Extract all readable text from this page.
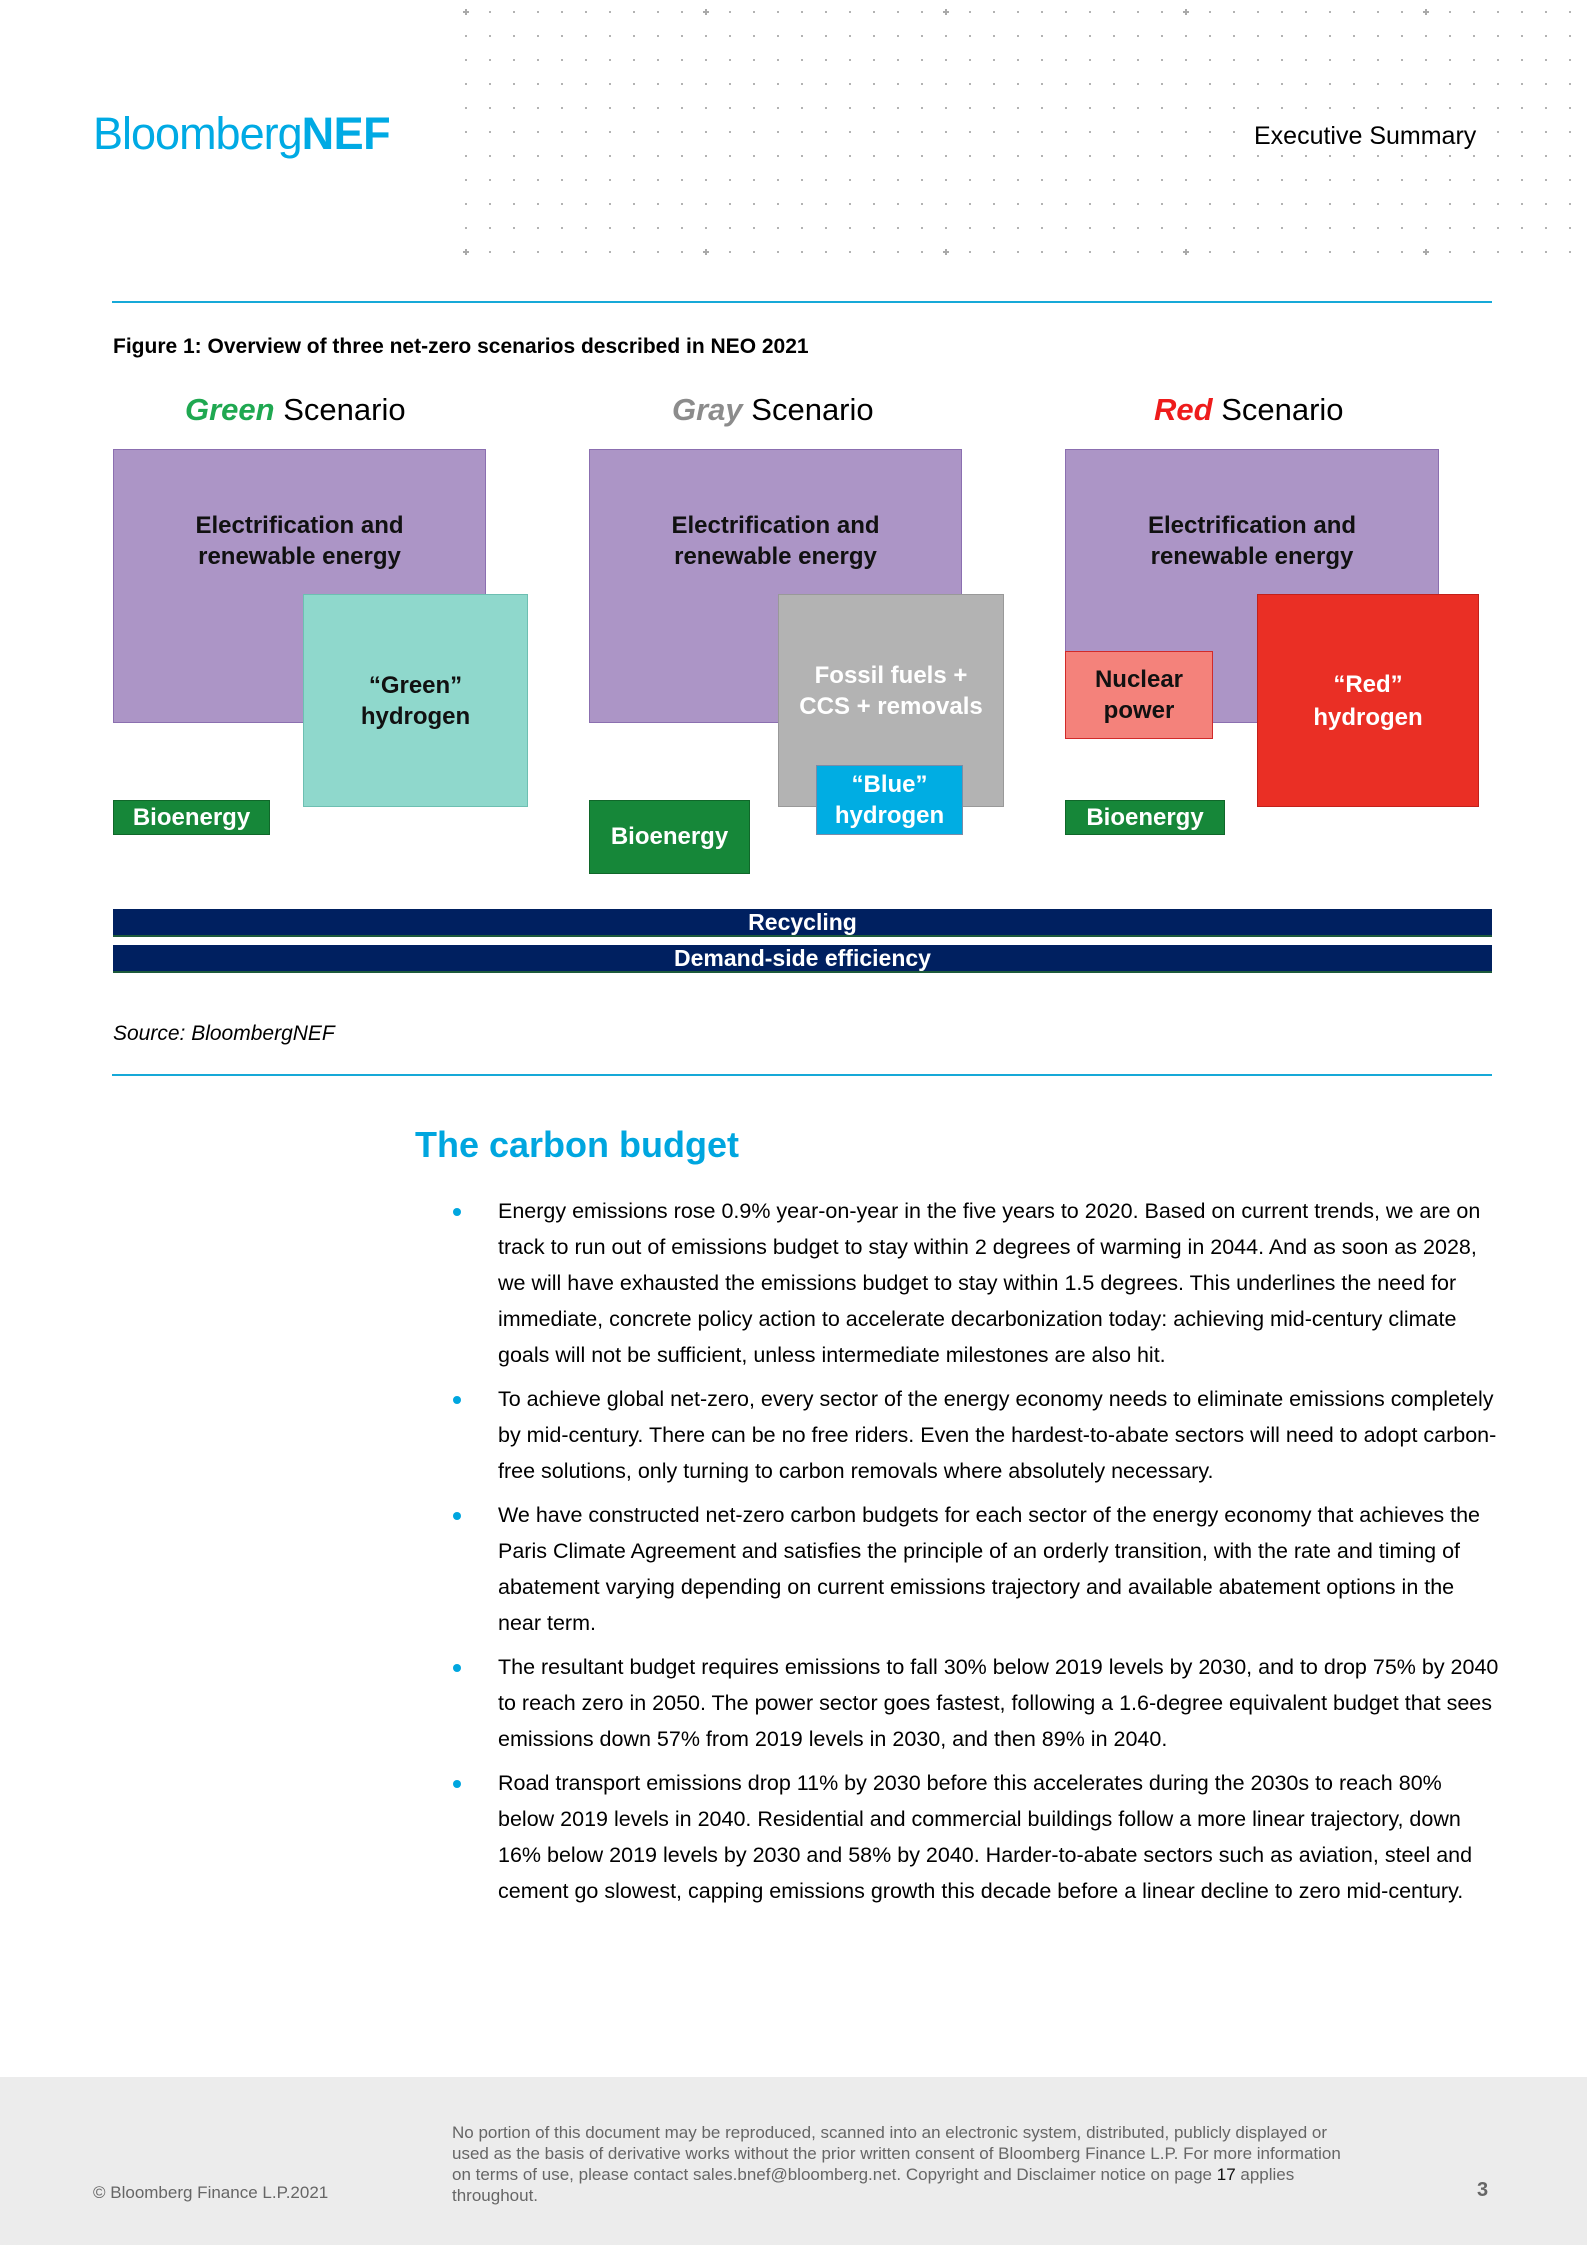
BloombergNEF	Executive Summary
Figure 1: Overview of three net-zero scenarios described in NEO 2021
Green Scenario	Gray Scenario	Red Scenario
Electrification and renewable energy
“Green” hydrogen
Bioenergy
Electrification and renewable energy
Fossil fuels + CCS + removals
“Blue” hydrogen
Bioenergy
Electrification and renewable energy
Nuclear power
“Red” hydrogen
Bioenergy
Recycling
Demand-side efficiency
Source: BloombergNEF
The carbon budget
Energy emissions rose 0.9% year-on-year in the five years to 2020. Based on current trends, we are on track to run out of emissions budget to stay within 2 degrees of warming in 2044. And as soon as 2028, we will have exhausted the emissions budget to stay within 1.5 degrees. This underlines the need for immediate, concrete policy action to accelerate decarbonization today: achieving mid-century climate goals will not be sufficient, unless intermediate milestones are also hit.
To achieve global net-zero, every sector of the energy economy needs to eliminate emissions completely by mid-century. There can be no free riders. Even the hardest-to-abate sectors will need to adopt carbon-free solutions, only turning to carbon removals where absolutely necessary.
We have constructed net-zero carbon budgets for each sector of the energy economy that achieves the Paris Climate Agreement and satisfies the principle of an orderly transition, with the rate and timing of abatement varying depending on current emissions trajectory and available abatement options in the near term.
The resultant budget requires emissions to fall 30% below 2019 levels by 2030, and to drop 75% by 2040 to reach zero in 2050. The power sector goes fastest, following a 1.6-degree equivalent budget that sees emissions down 57% from 2019 levels in 2030, and then 89% in 2040.
Road transport emissions drop 11% by 2030 before this accelerates during the 2030s to reach 80% below 2019 levels in 2040. Residential and commercial buildings follow a more linear trajectory, down 16% below 2019 levels by 2030 and 58% by 2040. Harder-to-abate sectors such as aviation, steel and cement go slowest, capping emissions growth this decade before a linear decline to zero mid-century.
© Bloomberg Finance L.P.2021
No portion of this document may be reproduced, scanned into an electronic system, distributed, publicly displayed or used as the basis of derivative works without the prior written consent of Bloomberg Finance L.P. For more information on terms of use, please contact sales.bnef@bloomberg.net. Copyright and Disclaimer notice on page 17 applies throughout.	3
